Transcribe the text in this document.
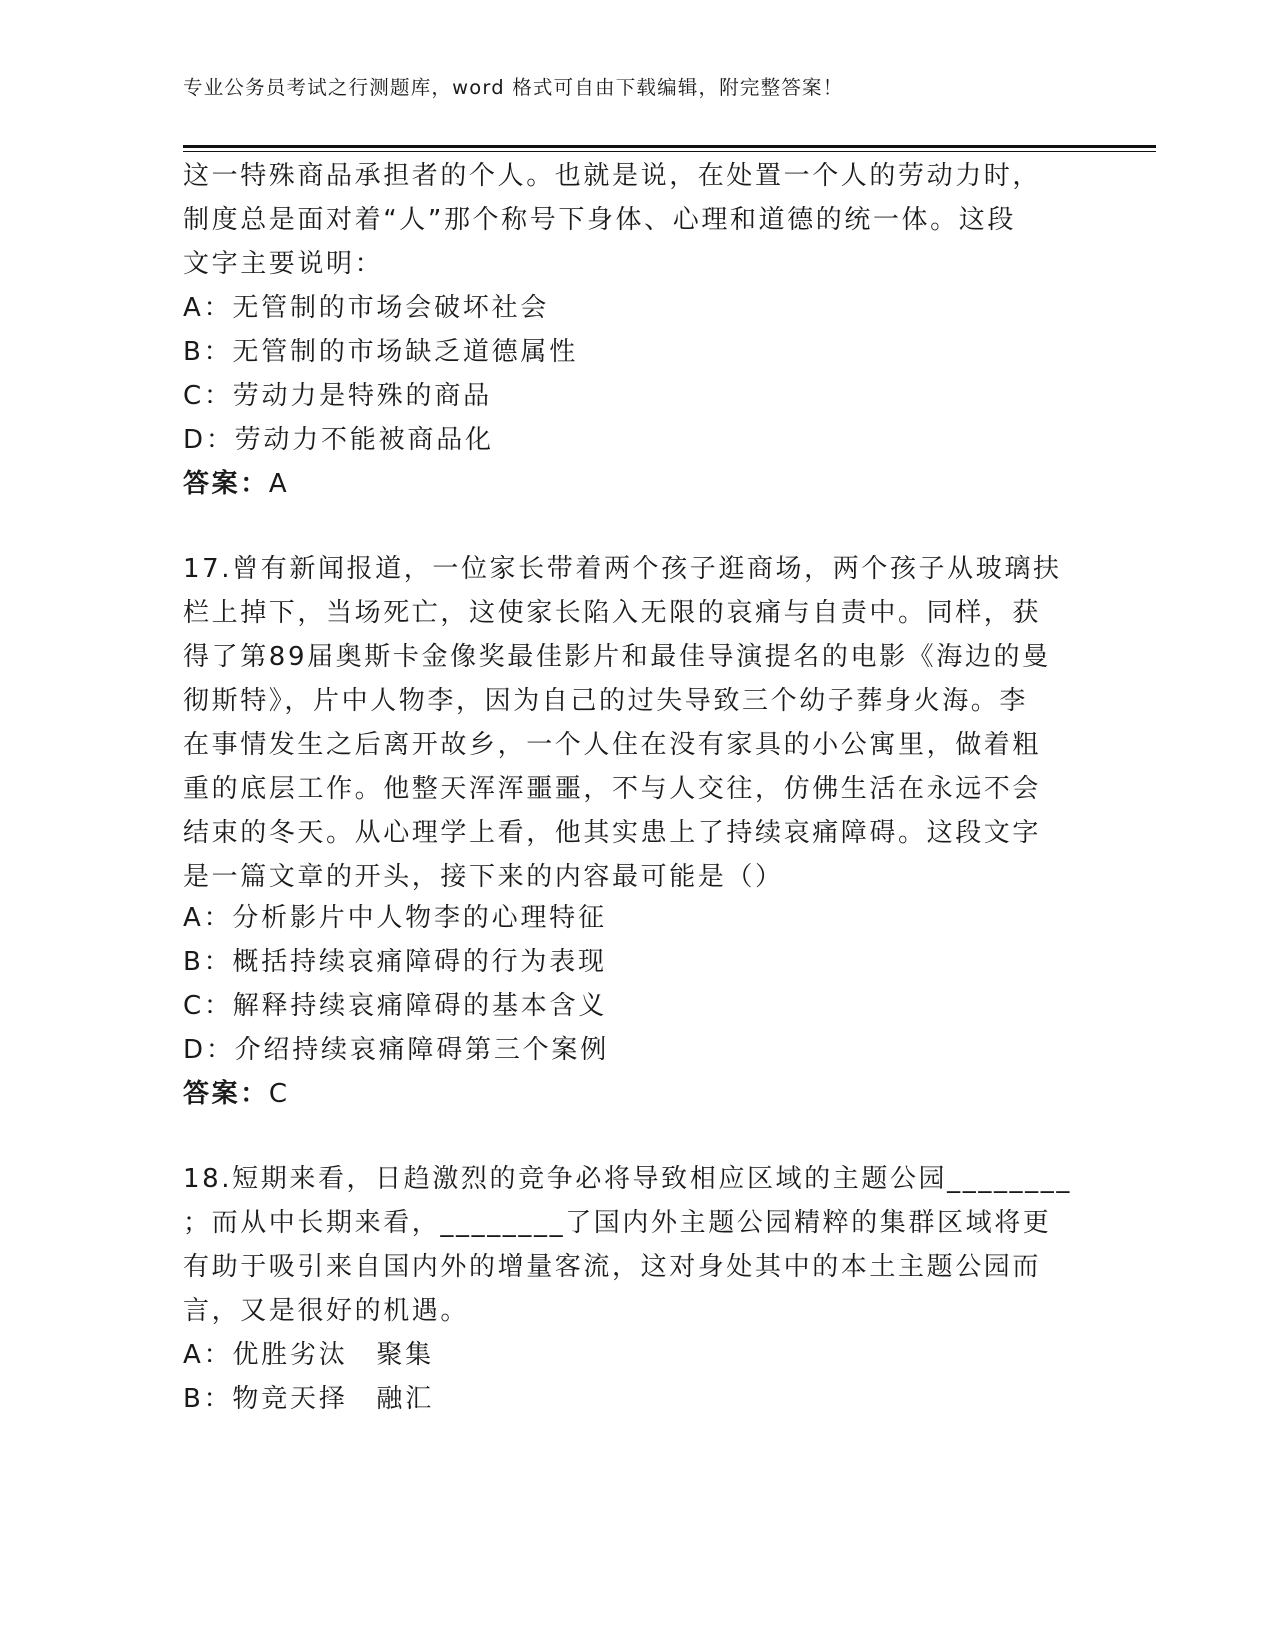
专业公务员考试之行测题库，word 格式可自由下载编辑，附完整答案！
这一特殊商品承担者的个人。也就是说，在处置一个人的劳动力时，
制度总是面对着“人”那个称号下身体、心理和道德的统一体。这段
文字主要说明：
A：无管制的市场会破坏社会
B：无管制的市场缺乏道德属性
C：劳动力是特殊的商品
D：劳动力不能被商品化
答案：A
17.曾有新闻报道，一位家长带着两个孩子逛商场，两个孩子从玻璃扶
栏上掉下，当场死亡，这使家长陷入无限的哀痛与自责中。同样，获
得了第89届奥斯卡金像奖最佳影片和最佳导演提名的电影《海边的曼
彻斯特》，片中人物李，因为自己的过失导致三个幼子葬身火海。李
在事情发生之后离开故乡，一个人住在没有家具的小公寓里，做着粗
重的底层工作。他整天浑浑噩噩，不与人交往，仿佛生活在永远不会
结束的冬天。从心理学上看，他其实患上了持续哀痛障碍。这段文字
是一篇文章的开头，接下来的内容最可能是（）
A：分析影片中人物李的心理特征
B：概括持续哀痛障碍的行为表现
C：解释持续哀痛障碍的基本含义
D：介绍持续哀痛障碍第三个案例
答案：C
18.短期来看，日趋激烈的竞争必将导致相应区域的主题公园________
；而从中长期来看，________了国内外主题公园精粹的集群区域将更
有助于吸引来自国内外的增量客流，这对身处其中的本土主题公园而
言，又是很好的机遇。
A：优胜劣汰　聚集
B：物竞天择　融汇
